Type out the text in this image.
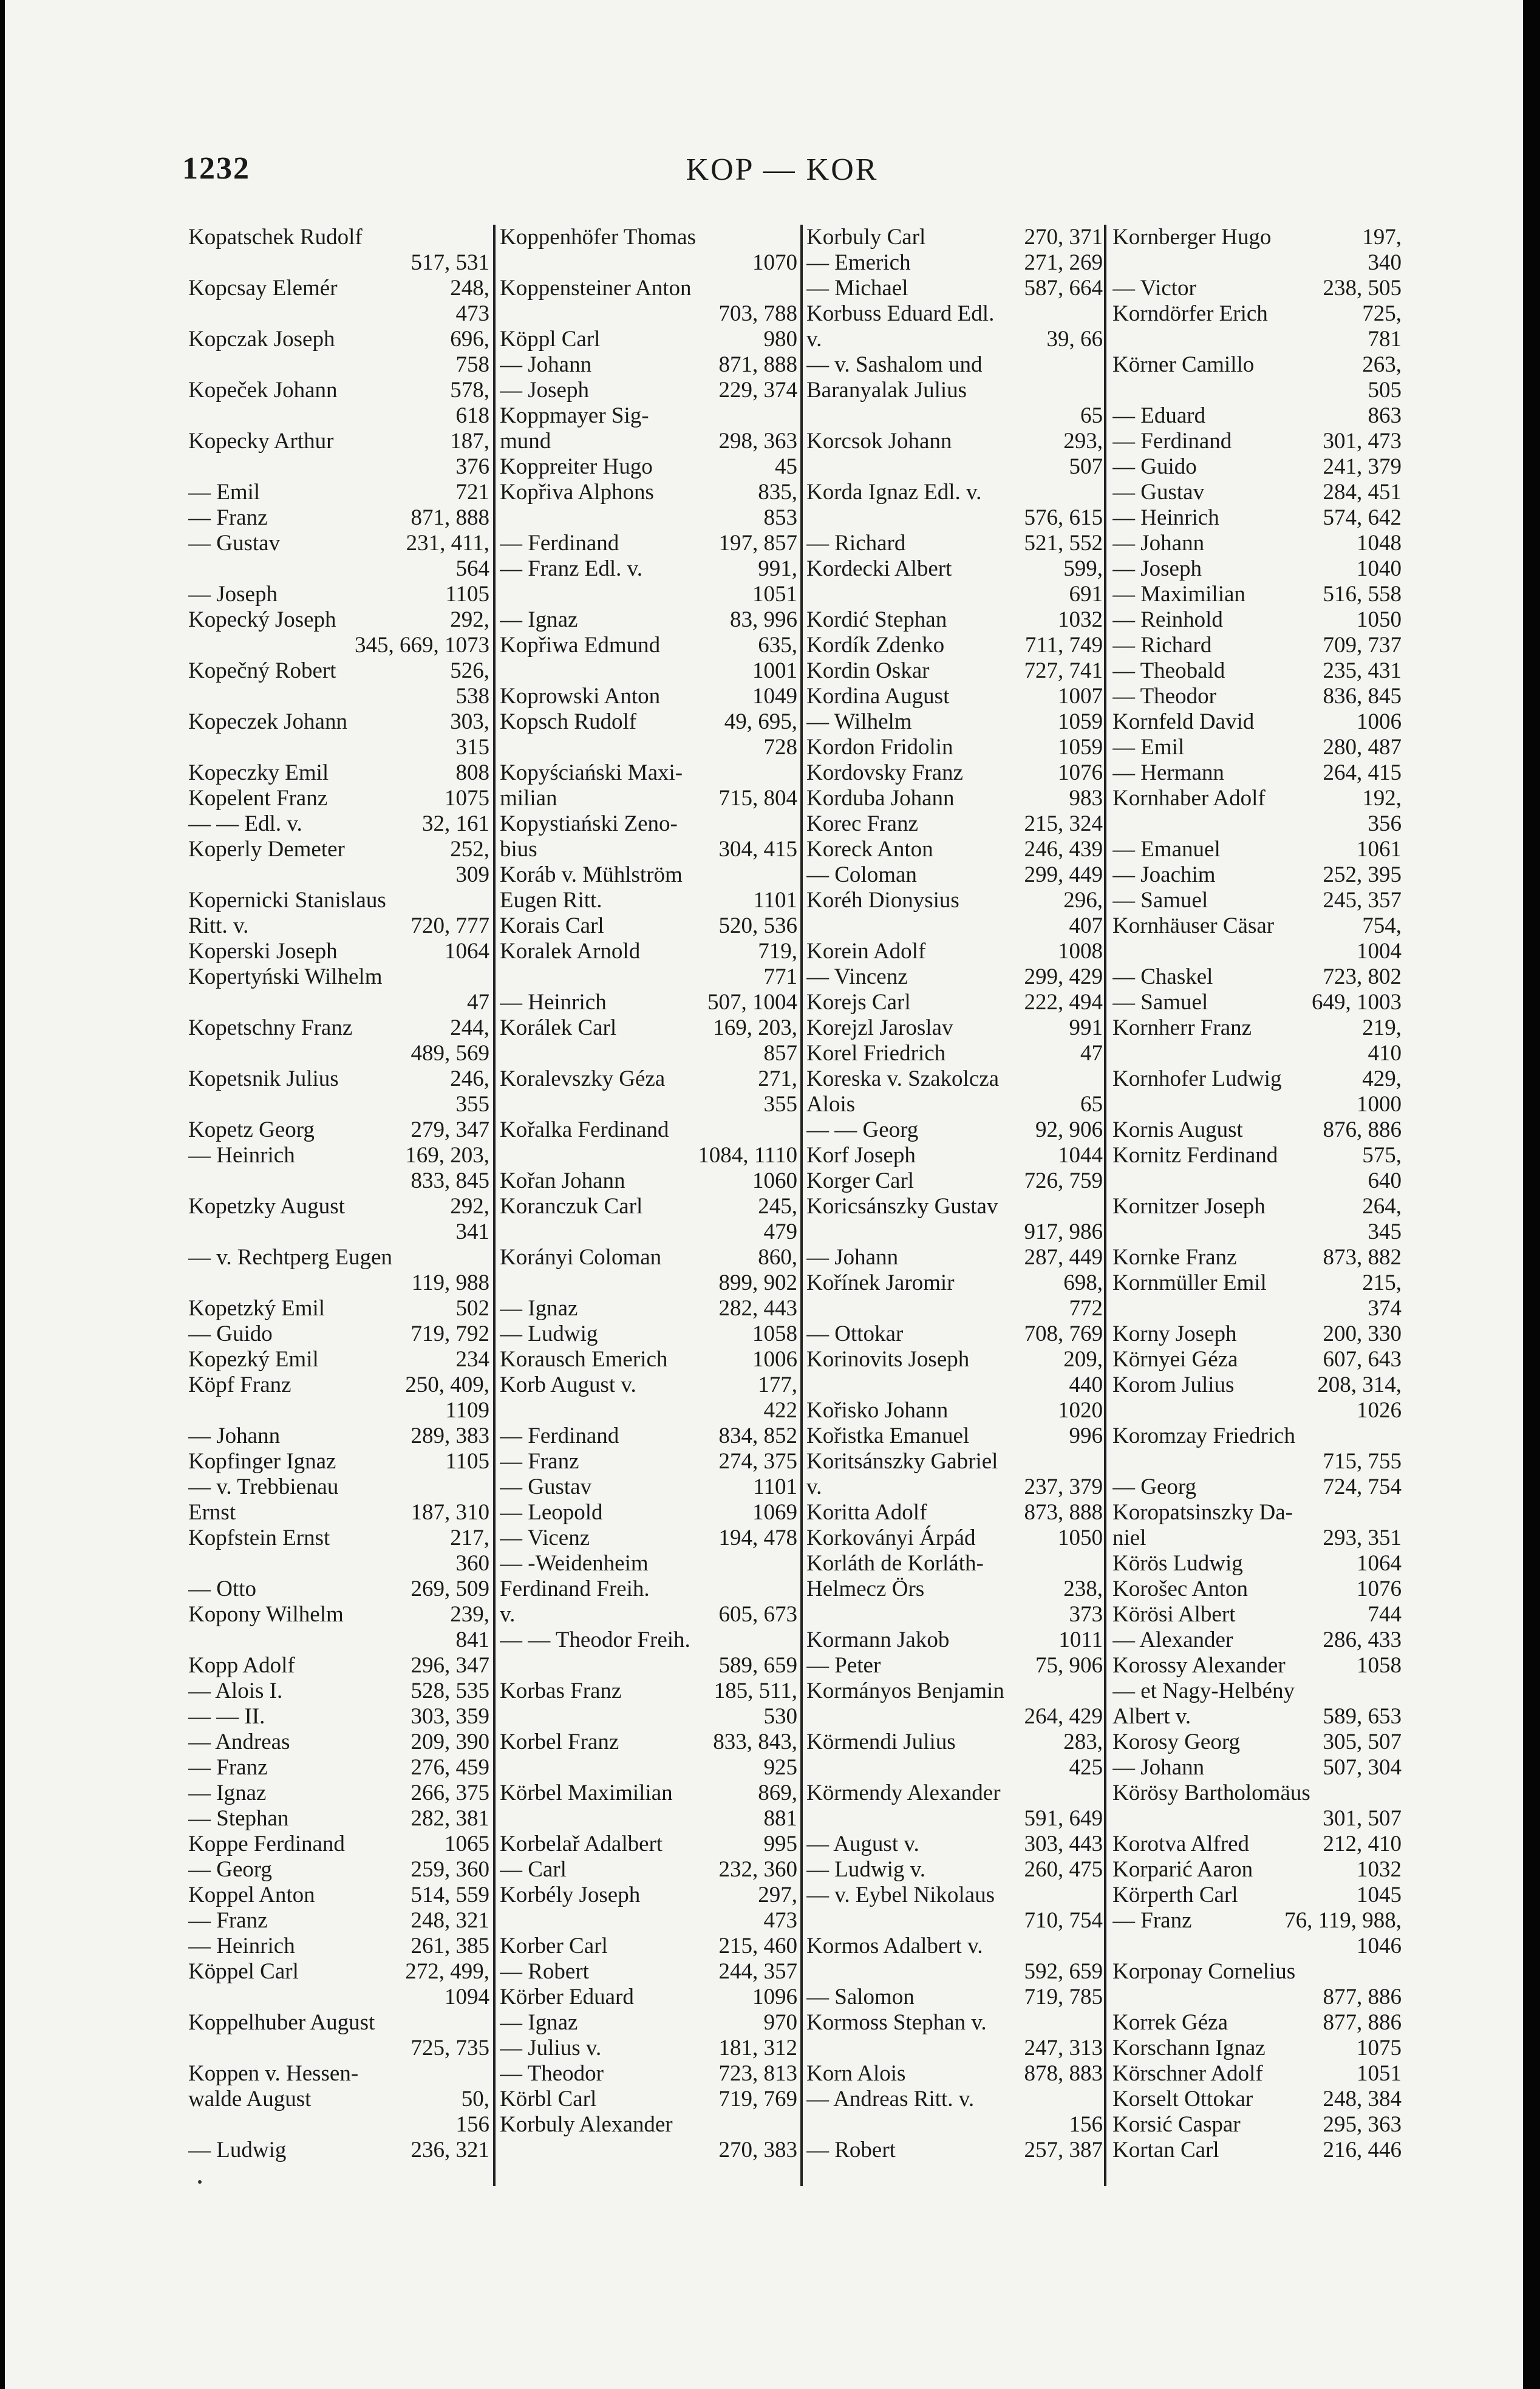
1232	KOP — KOR
Kopatschek Rudolf
517, 531
Kopcsay Elemér	248,
473
Kopczak Joseph	696,
758
Kopeček Johann	578,
618
Kopecky Arthur	187,
376
— Emil	721
— Franz	871, 888
— Gustav	231, 411,
564
— Joseph	1105
Kopecký Joseph	292,
345, 669, 1073
Kopečný Robert	526,
538
Kopeczek Johann	303,
315
Kopeczky Emil	808
Kopelent Franz	1075
— — Edl. v.	32, 161
Koperly Demeter	252,
309
Kopernicki Stanislaus
Ritt. v.	720, 777
Koperski Joseph	1064
Kopertyński Wilhelm
47
Kopetschny Franz	244,
489, 569
Kopetsnik Julius	246,
355
Kopetz Georg	279, 347
— Heinrich	169, 203,
833, 845
Kopetzky August	292,
341
— v. Rechtperg Eugen
119, 988
Kopetzký Emil	502
— Guido	719, 792
Kopezký Emil	234
Köpf Franz	250, 409,
1109
— Johann	289, 383
Kopfinger Ignaz	1105
— v. Trebbienau
Ernst	187, 310
Kopfstein Ernst	217,
360
— Otto	269, 509
Kopony Wilhelm	239,
841
Kopp Adolf	296, 347
— Alois I.	528, 535
— — II.	303, 359
— Andreas	209, 390
— Franz	276, 459
— Ignaz	266, 375
— Stephan	282, 381
Koppe Ferdinand	1065
— Georg	259, 360
Koppel Anton	514, 559
— Franz	248, 321
— Heinrich	261, 385
Köppel Carl	272, 499,
1094
Koppelhuber August
725, 735
Koppen v. Hessen-
walde August	50,
156
— Ludwig	236, 321
Koppenhöfer Thomas
1070
Koppensteiner Anton
703, 788
Köppl Carl	980
— Johann	871, 888
— Joseph	229, 374
Koppmayer Sig-
mund	298, 363
Koppreiter Hugo	45
Kopřiva Alphons	835,
853
— Ferdinand	197, 857
— Franz Edl. v.	991,
1051
— Ignaz	83, 996
Kopřiwa Edmund	635,
1001
Koprowski Anton	1049
Kopsch Rudolf	49, 695,
728
Kopyściański Maxi-
milian	715, 804
Kopystiański Zeno-
bius	304, 415
Koráb v. Mühlström
Eugen Ritt.	1101
Korais Carl	520, 536
Koralek Arnold	719,
771
— Heinrich	507, 1004
Korálek Carl	169, 203,
857
Koralevszky Géza	271,
355
Kořalka Ferdinand
1084, 1110
Kořan Johann	1060
Koranczuk Carl	245,
479
Korányi Coloman	860,
899, 902
— Ignaz	282, 443
— Ludwig	1058
Korausch Emerich	1006
Korb August v.	177,
422
— Ferdinand	834, 852
— Franz	274, 375
— Gustav	1101
— Leopold	1069
— Vicenz	194, 478
— -Weidenheim
Ferdinand Freih.
v.	605, 673
— — Theodor Freih.
589, 659
Korbas Franz	185, 511,
530
Korbel Franz	833, 843,
925
Körbel Maximilian	869,
881
Korbelař Adalbert	995
— Carl	232, 360
Korbély Joseph	297,
473
Korber Carl	215, 460
— Robert	244, 357
Körber Eduard	1096
— Ignaz	970
— Julius v.	181, 312
— Theodor	723, 813
Körbl Carl	719, 769
Korbuly Alexander
270, 383
Korbuly Carl	270, 371
— Emerich	271, 269
— Michael	587, 664
Korbuss Eduard Edl.
v.	39, 66
— v. Sashalom und
Baranyalak Julius
65
Korcsok Johann	293,
507
Korda Ignaz Edl. v.
576, 615
— Richard	521, 552
Kordecki Albert	599,
691
Kordić Stephan	1032
Kordík Zdenko	711, 749
Kordin Oskar	727, 741
Kordina August	1007
— Wilhelm	1059
Kordon Fridolin	1059
Kordovsky Franz	1076
Korduba Johann	983
Korec Franz	215, 324
Koreck Anton	246, 439
— Coloman	299, 449
Koréh Dionysius	296,
407
Korein Adolf	1008
— Vincenz	299, 429
Korejs Carl	222, 494
Korejzl Jaroslav	991
Korel Friedrich	47
Koreska v. Szakolcza
Alois	65
— — Georg	92, 906
Korf Joseph	1044
Korger Carl	726, 759
Koricsánszky Gustav
917, 986
— Johann	287, 449
Kořínek Jaromir	698,
772
— Ottokar	708, 769
Korinovits Joseph	209,
440
Kořisko Johann	1020
Kořistka Emanuel	996
Koritsánszky Gabriel
v.	237, 379
Koritta Adolf	873, 888
Korkoványi Árpád	1050
Korláth de Korláth-
Helmecz Örs	238,
373
Kormann Jakob	1011
— Peter	75, 906
Kormányos Benjamin
264, 429
Körmendi Julius	283,
425
Körmendy Alexander
591, 649
— August v.	303, 443
— Ludwig v.	260, 475
— v. Eybel Nikolaus
710, 754
Kormos Adalbert v.
592, 659
— Salomon	719, 785
Kormoss Stephan v.
247, 313
Korn Alois	878, 883
— Andreas Ritt. v.
156
— Robert	257, 387
Kornberger Hugo	197,
340
— Victor	238, 505
Korndörfer Erich	725,
781
Körner Camillo	263,
505
— Eduard	863
— Ferdinand	301, 473
— Guido	241, 379
— Gustav	284, 451
— Heinrich	574, 642
— Johann	1048
— Joseph	1040
— Maximilian	516, 558
— Reinhold	1050
— Richard	709, 737
— Theobald	235, 431
— Theodor	836, 845
Kornfeld David	1006
— Emil	280, 487
— Hermann	264, 415
Kornhaber Adolf	192,
356
— Emanuel	1061
— Joachim	252, 395
— Samuel	245, 357
Kornhäuser Cäsar	754,
1004
— Chaskel	723, 802
— Samuel	649, 1003
Kornherr Franz	219,
410
Kornhofer Ludwig	429,
1000
Kornis August	876, 886
Kornitz Ferdinand	575,
640
Kornitzer Joseph	264,
345
Kornke Franz	873, 882
Kornmüller Emil	215,
374
Korny Joseph	200, 330
Környei Géza	607, 643
Korom Julius	208, 314,
1026
Koromzay Friedrich
715, 755
— Georg	724, 754
Koropatsinszky Da-
niel	293, 351
Körös Ludwig	1064
Korošec Anton	1076
Körösi Albert	744
— Alexander	286, 433
Korossy Alexander	1058
— et Nagy-Helbény
Albert v.	589, 653
Korosy Georg	305, 507
— Johann	507, 304
Körösy Bartholomäus
301, 507
Korotva Alfred	212, 410
Korparić Aaron	1032
Körperth Carl	1045
— Franz	76, 119, 988,
1046
Korponay Cornelius
877, 886
Korrek Géza	877, 886
Korschann Ignaz	1075
Körschner Adolf	1051
Korselt Ottokar	248, 384
Korsić Caspar	295, 363
Kortan Carl	216, 446
